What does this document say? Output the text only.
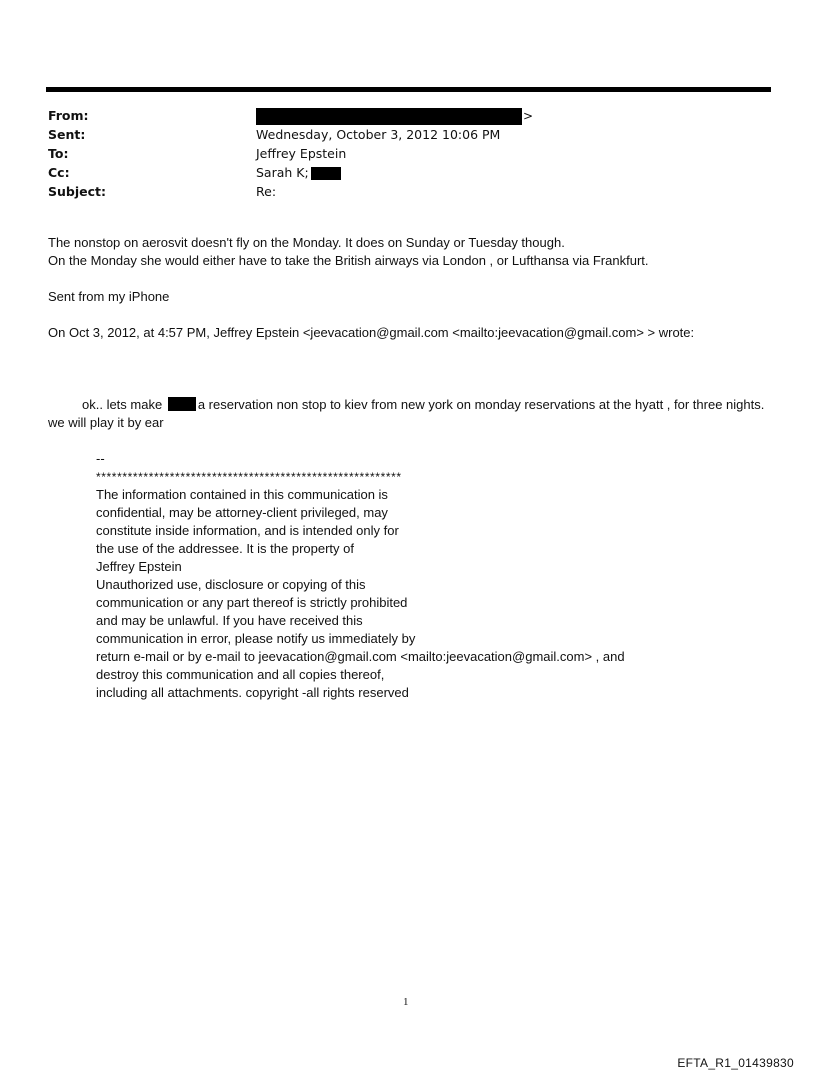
From:	>
Sent:	Wednesday, October 3, 2012 10:06 PM
To:	Jeffrey Epstein
Cc:	Sarah K;
Subject:	Re:
The nonstop on aerosvit doesn't fly on the Monday. It does on Sunday or Tuesday though.
On the Monday she would either have to take the British airways via London , or Lufthansa via Frankfurt.
Sent from my iPhone
On Oct 3, 2012, at 4:57 PM, Jeffrey Epstein <jeevacation@gmail.com <mailto:jeevacation@gmail.com> > wrote:
ok.. lets make	a reservation non stop to kiev from new york on monday reservations at the hyatt , for three nights. we will play it by ear
--
**********************************************************
The information contained in this communication is
confidential, may be attorney-client privileged, may
constitute inside information, and is intended only for
the use of the addressee. It is the property of
Jeffrey Epstein
Unauthorized use, disclosure or copying of this
communication or any part thereof is strictly prohibited
and may be unlawful. If you have received this
communication in error, please notify us immediately by
return e-mail or by e-mail to jeevacation@gmail.com <mailto:jeevacation@gmail.com> , and
destroy this communication and all copies thereof,
including all attachments. copyright -all rights reserved
1
EFTA_R1_01439830
